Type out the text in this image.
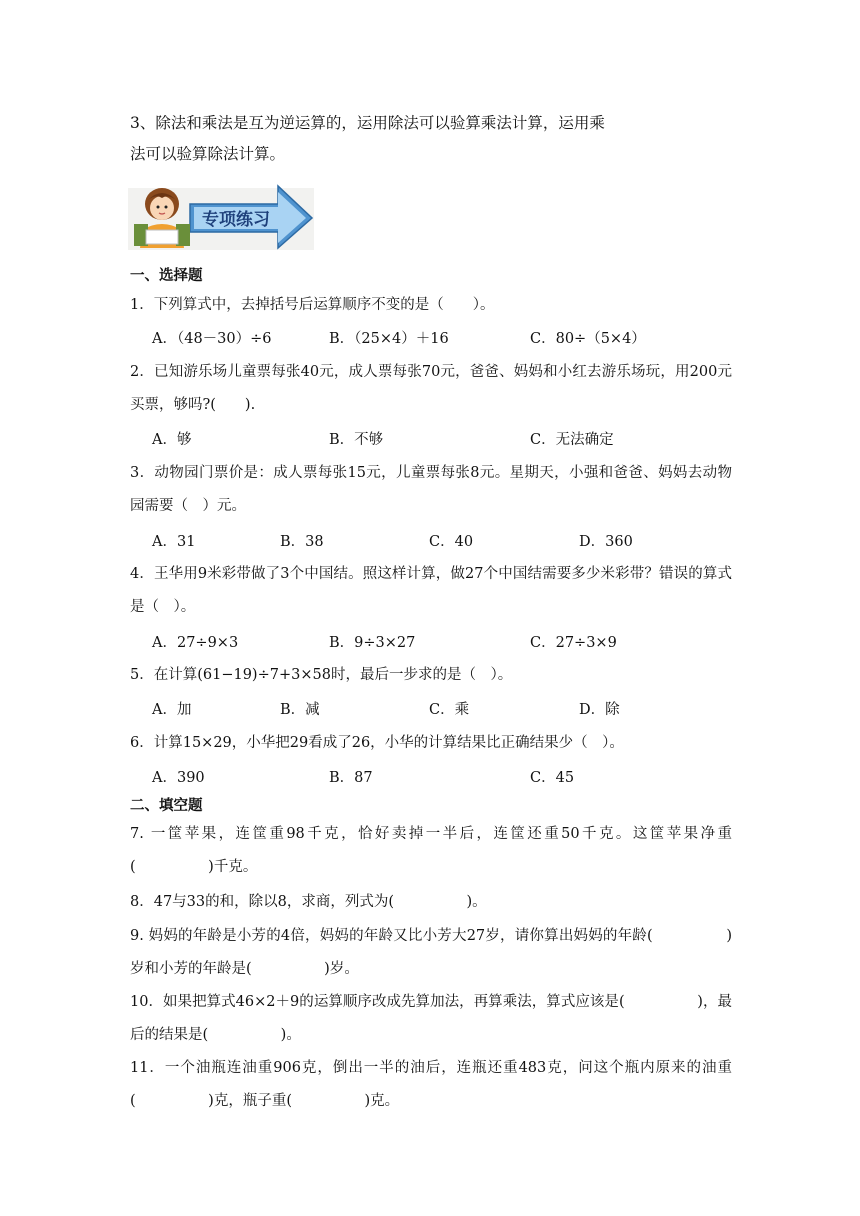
3、除法和乘法是互为逆运算的，运用除法可以验算乘法计算，运用乘
法可以验算除法计算。
专项练习
一、选择题
1．下列算式中，去掉括号后运算顺序不变的是（　　）。
A．（48－30）÷6	B．（25×4）＋16	C．80÷（5×4）
2．已知游乐场儿童票每张40元，成人票每张70元，爸爸、妈妈和小红去游乐场玩，用200元买票，够吗?(　　).
A．够	B．不够	C．无法确定
3．动物园门票价是：成人票每张15元，儿童票每张8元。星期天，小强和爸爸、妈妈去动物园需要（　）元。
A．31	B．38	C．40	D．360
4．王华用9米彩带做了3个中国结。照这样计算，做27个中国结需要多少米彩带？错误的算式是（　）。
A．27÷9×3	B．9÷3×27	C．27÷3×9
5．在计算(61−19)÷7+3×58时，最后一步求的是（　）。
A．加	B．减	C．乘	D．除
6．计算15×29，小华把29看成了26，小华的计算结果比正确结果少（　）。
A．390	B．87	C．45
二、填空题
7. 一筐苹果，连筐重98千克，恰好卖掉一半后，连筐还重50千克。这筐苹果净重(　　　　　)千克。
8．47与33的和，除以8，求商，列式为(　　　　　)。
9. 妈妈的年龄是小芳的4倍，妈妈的年龄又比小芳大27岁，请你算出妈妈的年龄(　　　　　)岁和小芳的年龄是(　　　　　)岁。
10．如果把算式46×2＋9的运算顺序改成先算加法，再算乘法，算式应该是(　　　　　)，最后的结果是(　　　　　)。
11．一个油瓶连油重906克，倒出一半的油后，连瓶还重483克，问这个瓶内原来的油重(　　　　　)克，瓶子重(　　　　　)克。
